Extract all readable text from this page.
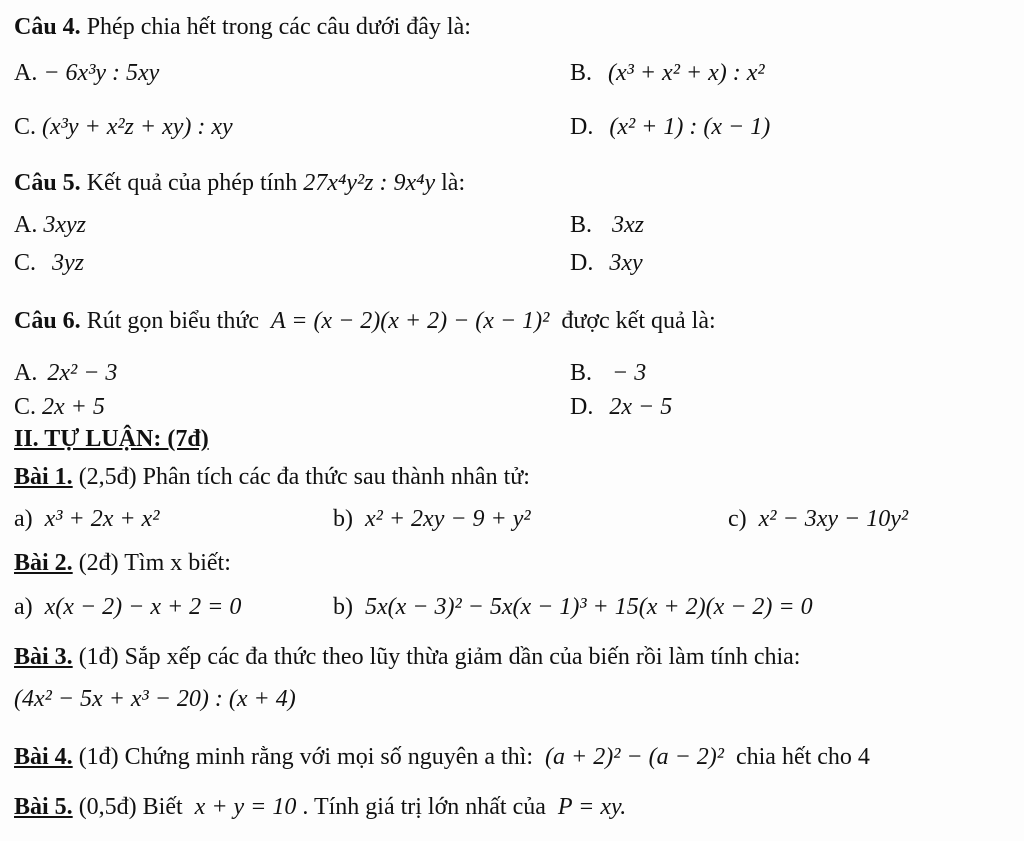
Câu 4. Phép chia hết trong các câu dưới đây là:
A. − 6x³y : 5xy	B. (x³ + x² + x) : x²
C. (x³y + x²z + xy) : xy	D. (x² + 1) : (x − 1)
Câu 5. Kết quả của phép tính 27x⁴y²z : 9x⁴y là:
A. 3xyz	B. 3xz
C. 3yz	D. 3xy
Câu 6. Rút gọn biểu thức A = (x − 2)(x + 2) − (x − 1)² được kết quả là:
A. 2x² − 3	B. − 3
C. 2x + 5	D. 2x − 5
II. TỰ LUẬN: (7đ)
Bài 1. (2,5đ) Phân tích các đa thức sau thành nhân tử:
a) x³ + 2x + x²	b) x² + 2xy − 9 + y²	c) x² − 3xy − 10y²
Bài 2. (2đ) Tìm x biết:
a) x(x − 2) − x + 2 = 0	b) 5x(x − 3)² − 5x(x − 1)³ + 15(x + 2)(x − 2) = 0
Bài 3. (1đ) Sắp xếp các đa thức theo lũy thừa giảm dần của biến rồi làm tính chia:
(4x² − 5x + x³ − 20) : (x + 4)
Bài 4. (1đ) Chứng minh rằng với mọi số nguyên a thì: (a + 2)² − (a − 2)² chia hết cho 4
Bài 5. (0,5đ) Biết x + y = 10 . Tính giá trị lớn nhất của P = xy.
